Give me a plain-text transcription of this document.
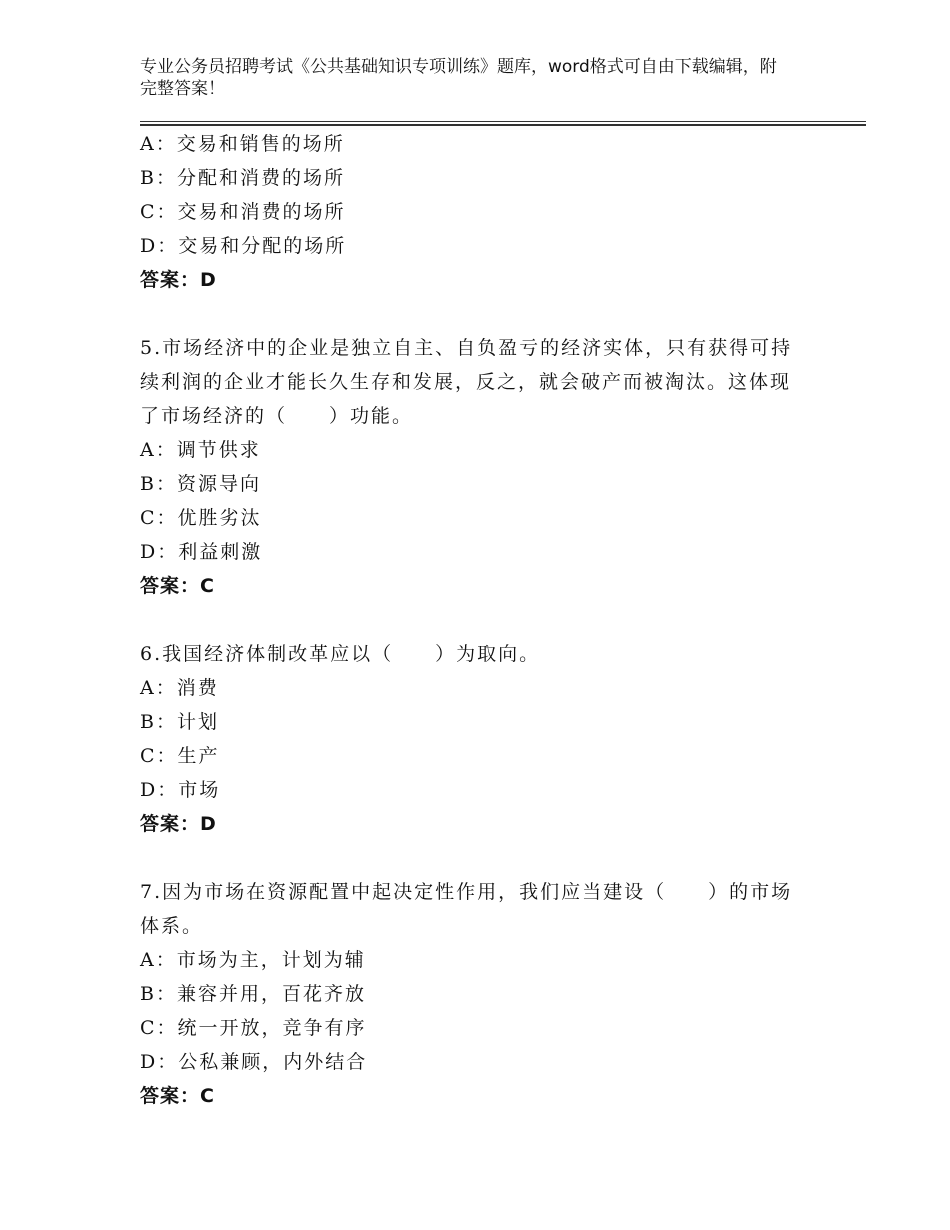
专业公务员招聘考试《公共基础知识专项训练》题库，word格式可自由下载编辑，附完整答案！
A：交易和销售的场所
B：分配和消费的场所
C：交易和消费的场所
D：交易和分配的场所
答案：D
5.市场经济中的企业是独立自主、自负盈亏的经济实体，只有获得可持续利润的企业才能长久生存和发展，反之，就会破产而被淘汰。这体现了市场经济的（　　）功能。
A：调节供求
B：资源导向
C：优胜劣汰
D：利益刺激
答案：C
6.我国经济体制改革应以（　　）为取向。
A：消费
B：计划
C：生产
D：市场
答案：D
7.因为市场在资源配置中起决定性作用，我们应当建设（　　）的市场体系。
A：市场为主，计划为辅
B：兼容并用，百花齐放
C：统一开放，竞争有序
D：公私兼顾，内外结合
答案：C
